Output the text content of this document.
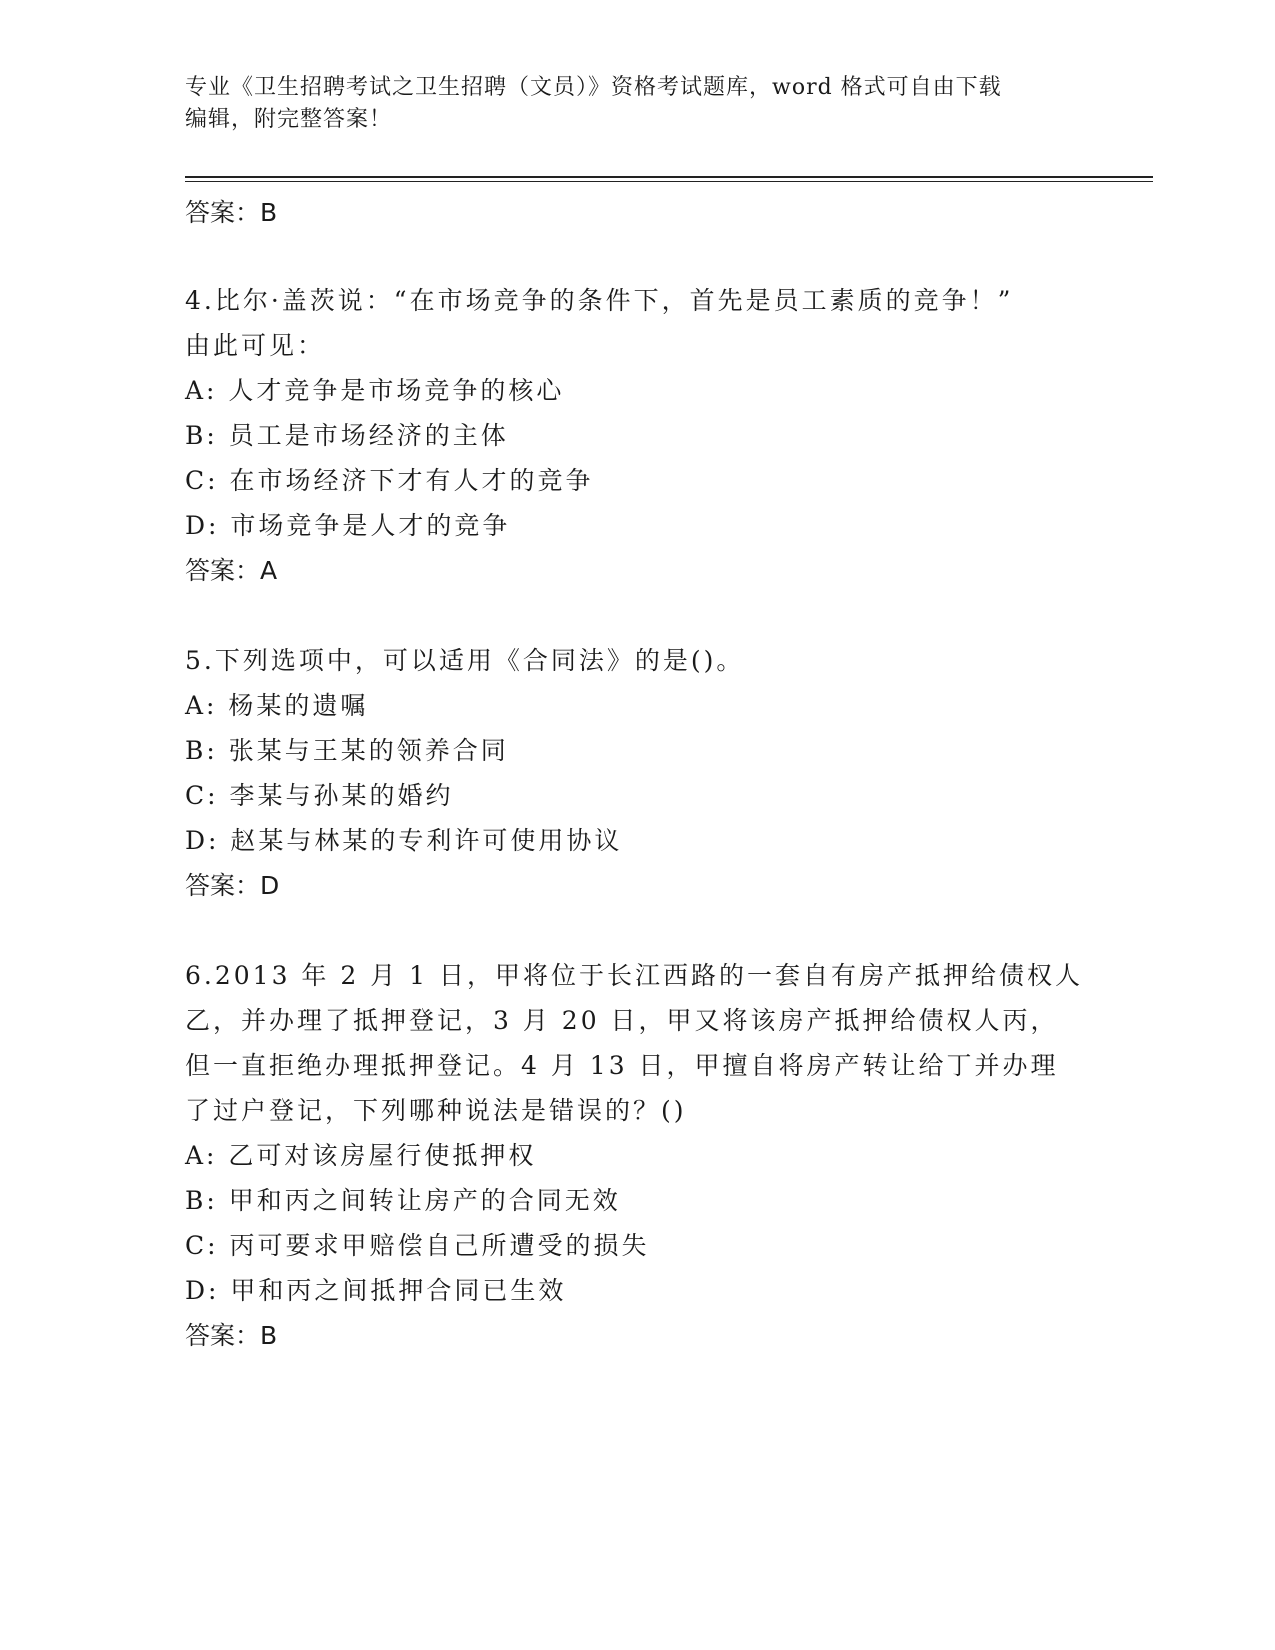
专业《卫生招聘考试之卫生招聘（文员）》资格考试题库，word 格式可自由下载
编辑，附完整答案！
答案：B
4.比尔·盖茨说：“在市场竞争的条件下，首先是员工素质的竞争！”
由此可见：
A: 人才竞争是市场竞争的核心
B: 员工是市场经济的主体
C: 在市场经济下才有人才的竞争
D: 市场竞争是人才的竞争
答案：A
5.下列选项中，可以适用《合同法》的是()。
A: 杨某的遗嘱
B: 张某与王某的领养合同
C: 李某与孙某的婚约
D: 赵某与林某的专利许可使用协议
答案：D
6.2013 年 2 月 1 日，甲将位于长江西路的一套自有房产抵押给债权人
乙，并办理了抵押登记，3 月 20 日，甲又将该房产抵押给债权人丙，
但一直拒绝办理抵押登记。4 月 13 日，甲擅自将房产转让给丁并办理
了过户登记，下列哪种说法是错误的？()
A: 乙可对该房屋行使抵押权
B: 甲和丙之间转让房产的合同无效
C: 丙可要求甲赔偿自己所遭受的损失
D: 甲和丙之间抵押合同已生效
答案：B
